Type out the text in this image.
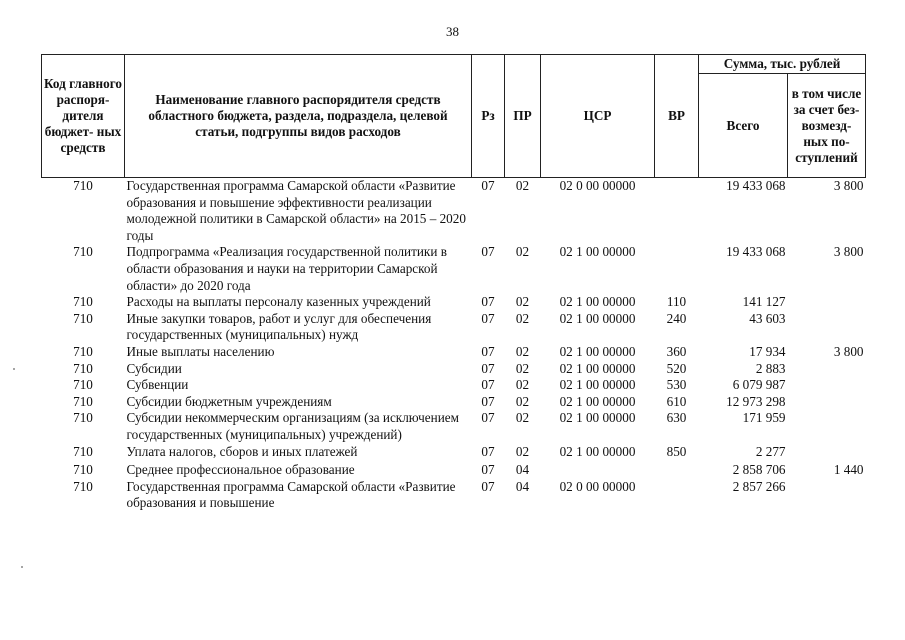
38
Код главного распоря- дителя бюджет- ных средств	Наименование главного распорядителя средств областного бюджета, раздела, подраздела, целевой статьи, подгруппы видов расходов	Рз	ПР	ЦСР	ВР	Сумма, тыс. рублей	
						Всего	в том числе за счет без- возмезд- ных по- ступлений
710	Государственная программа Самарской области «Развитие образования и повышение эффективности реализации молодежной политики в Самарской области» на 2015 – 2020 годы	07	02	02 0 00 00000		19 433 068	3 800
710	Подпрограмма «Реализация государственной политики в области образования и науки на территории Самарской области» до 2020 года	07	02	02 1 00 00000		19 433 068	3 800
710	Расходы на выплаты персоналу казенных учреждений	07	02	02 1 00 00000	110	141 127	
710	Иные закупки товаров, работ и услуг для обеспечения государственных (муниципальных) нужд	07	02	02 1 00 00000	240	43 603	
710	Иные выплаты населению	07	02	02 1 00 00000	360	17 934	3 800
710	Субсидии	07	02	02 1 00 00000	520	2 883	
710	Субвенции	07	02	02 1 00 00000	530	6 079 987	
710	Субсидии бюджетным учреждениям	07	02	02 1 00 00000	610	12 973 298	
710	Субсидии некоммерческим организациям (за исключением государственных (муниципальных) учреждений)	07	02	02 1 00 00000	630	171 959	
710	Уплата налогов, сборов и иных платежей	07	02	02 1 00 00000	850	2 277	
710	Среднее профессиональное образование	07	04			2 858 706	1 440
710	Государственная программа Самарской области «Развитие образования и повышение	07	04	02 0 00 00000		2 857 266	
